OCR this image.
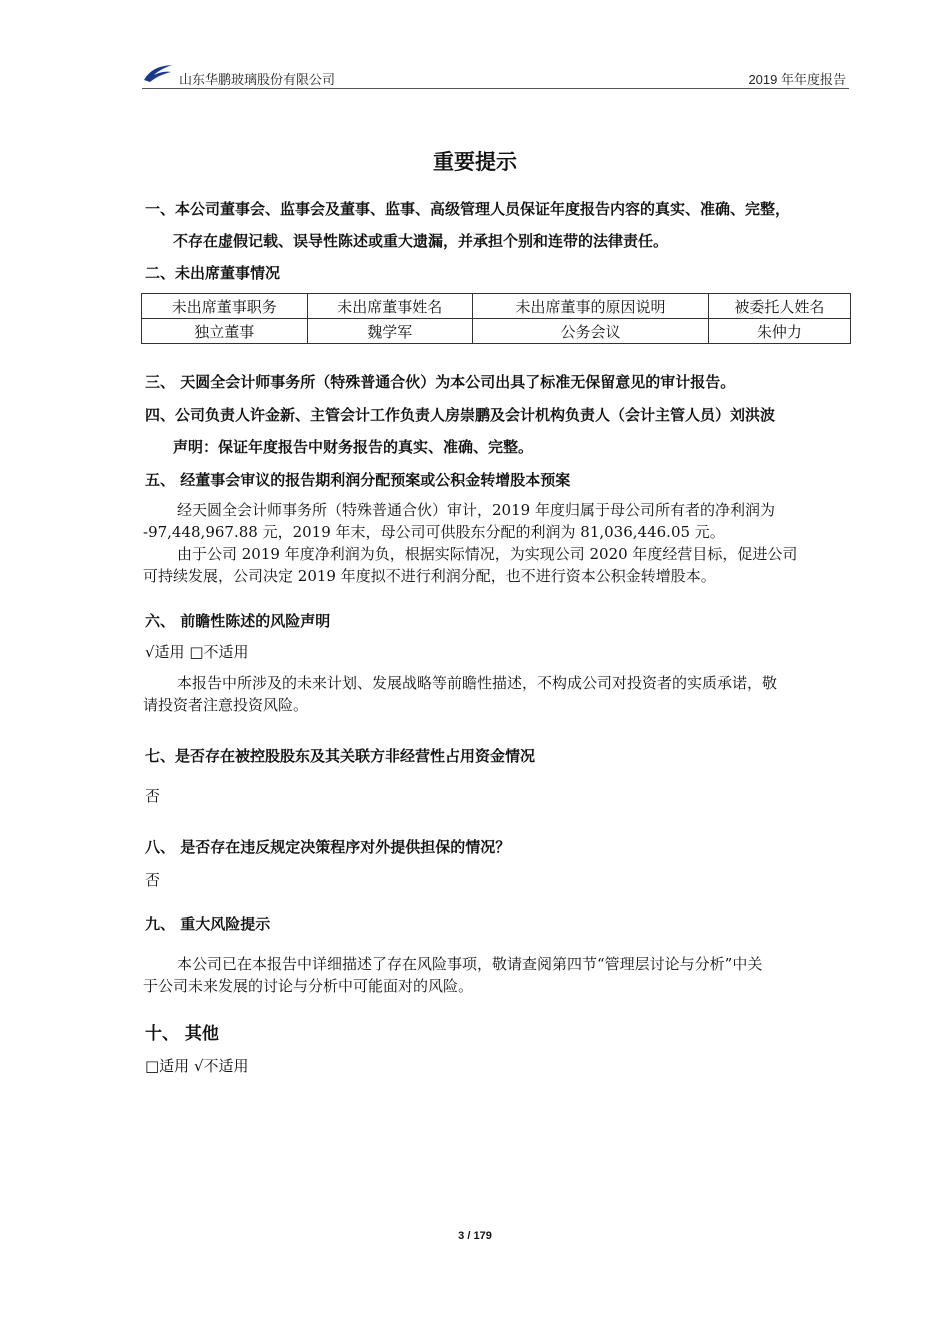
山东华鹏玻璃股份有限公司	2019 年年度报告
重要提示
一、本公司董事会、监事会及董事、监事、高级管理人员保证年度报告内容的真实、准确、完整，
不存在虚假记载、误导性陈述或重大遗漏，并承担个别和连带的法律责任。
二、未出席董事情况
未出席董事职务	未出席董事姓名	未出席董事的原因说明	被委托人姓名
独立董事	魏学军	公务会议	朱仲力
三、 天圆全会计师事务所（特殊普通合伙）为本公司出具了标准无保留意见的审计报告。
四、公司负责人许金新、主管会计工作负责人房崇鹏及会计机构负责人（会计主管人员）刘洪波
声明：保证年度报告中财务报告的真实、准确、完整。
五、 经董事会审议的报告期利润分配预案或公积金转增股本预案
经天圆全会计师事务所（特殊普通合伙）审计，2019 年度归属于母公司所有者的净利润为
-97,448,967.88 元，2019 年末，母公司可供股东分配的利润为 81,036,446.05 元。
由于公司 2019 年度净利润为负，根据实际情况，为实现公司 2020 年度经营目标，促进公司
可持续发展，公司决定 2019 年度拟不进行利润分配，也不进行资本公积金转增股本。
六、 前瞻性陈述的风险声明
√适用 □不适用
本报告中所涉及的未来计划、发展战略等前瞻性描述，不构成公司对投资者的实质承诺，敬
请投资者注意投资风险。
七、是否存在被控股股东及其关联方非经营性占用资金情况
否
八、 是否存在违反规定决策程序对外提供担保的情况？
否
九、 重大风险提示
本公司已在本报告中详细描述了存在风险事项，敬请查阅第四节“管理层讨论与分析”中关
于公司未来发展的讨论与分析中可能面对的风险。
十、 其他
□适用 √不适用
3 / 179
